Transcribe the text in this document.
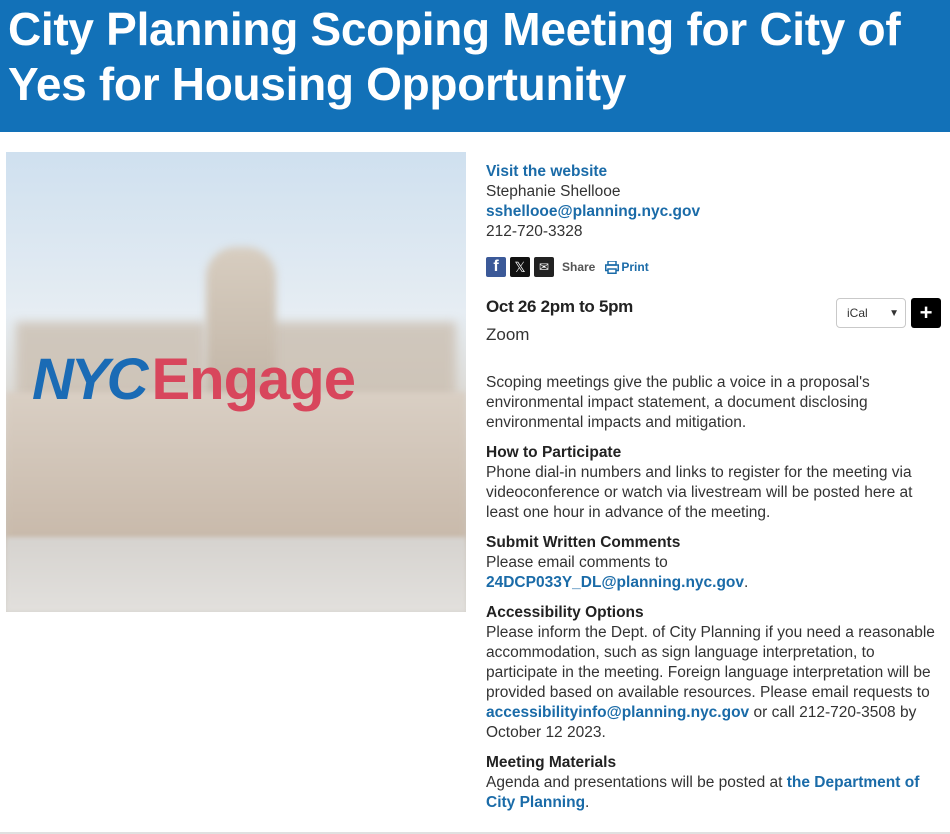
City Planning Scoping Meeting for City of Yes for Housing Opportunity
NYC Engage
Visit the website
Stephanie Shellooe
sshellooe@planning.nyc.gov
212-720-3328
f	𝕏	✉	Share Print
Oct 26 2pm to 5pm
Zoom
iCal ▼ +

Scoping meetings give the public a voice in a proposal's environmental impact statement, a document disclosing environmental impacts and mitigation.

How to Participate
Phone dial-in numbers and links to register for the meeting via videoconference or watch via livestream will be posted here at least one hour in advance of the meeting.
Submit Written Comments
Please email comments to
24DCP033Y_DL@planning.nyc.gov.
Accessibility Options
Please inform the Dept. of City Planning if you need a reasonable accommodation, such as sign language interpretation, to participate in the meeting. Foreign language interpretation will be provided based on available resources. Please email requests to accessibilityinfo@planning.nyc.gov or call 212-720-3508 by October 12 2023.
Meeting Materials
Agenda and presentations will be posted at the Department of City Planning.
